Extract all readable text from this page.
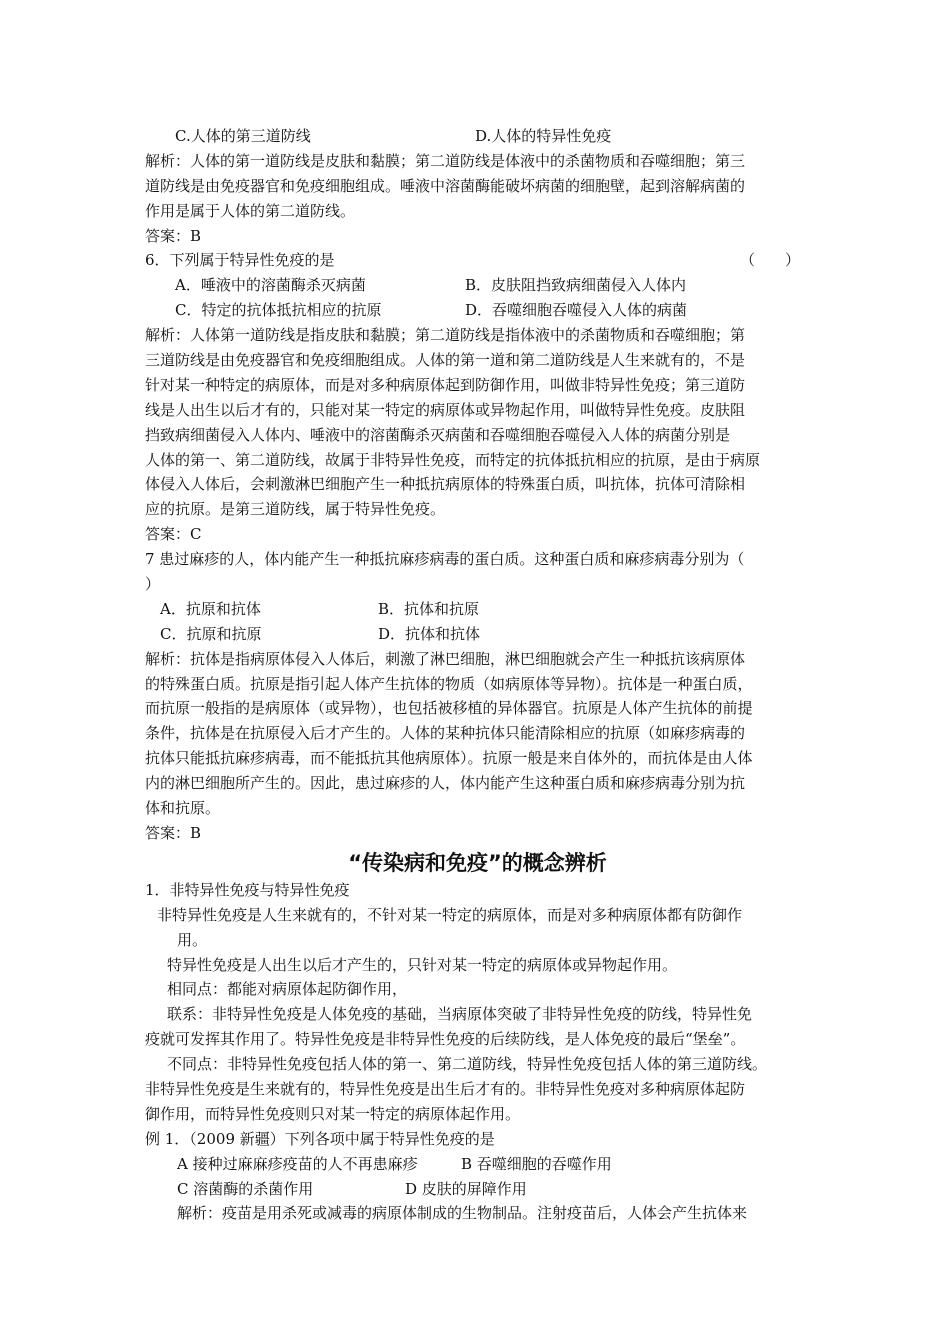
C.人体的第三道防线	D.人体的特异性免疫
解析：人体的第一道防线是皮肤和黏膜；第二道防线是体液中的杀菌物质和吞噬细胞；第三
道防线是由免疫器官和免疫细胞组成。唾液中溶菌酶能破坏病菌的细胞壁，起到溶解病菌的
作用是属于人体的第二道防线。
答案：B
6．下列属于特异性免疫的是	（　　）
A．唾液中的溶菌酶杀灭病菌	B．皮肤阻挡致病细菌侵入人体内
C．特定的抗体抵抗相应的抗原	D．吞噬细胞吞噬侵入人体的病菌
解析：人体第一道防线是指皮肤和黏膜；第二道防线是指体液中的杀菌物质和吞噬细胞；第
三道防线是由免疫器官和免疫细胞组成。人体的第一道和第二道防线是人生来就有的，不是
针对某一种特定的病原体，而是对多种病原体起到防御作用，叫做非特异性免疫；第三道防
线是人出生以后才有的，只能对某一特定的病原体或异物起作用，叫做特异性免疫。皮肤阻
挡致病细菌侵入人体内、唾液中的溶菌酶杀灭病菌和吞噬细胞吞噬侵入人体的病菌分别是
人体的第一、第二道防线，故属于非特异性免疫，而特定的抗体抵抗相应的抗原，是由于病原
体侵入人体后，会刺激淋巴细胞产生一种抵抗病原体的特殊蛋白质，叫抗体，抗体可清除相
应的抗原。是第三道防线，属于特异性免疫。
答案：C
7 患过麻疹的人，体内能产生一种抵抗麻疹病毒的蛋白质。这种蛋白质和麻疹病毒分别为（
）
A．抗原和抗体	B．抗体和抗原
C．抗原和抗原	D．抗体和抗体
解析：抗体是指病原体侵入人体后，刺激了淋巴细胞，淋巴细胞就会产生一种抵抗该病原体
的特殊蛋白质。抗原是指引起人体产生抗体的物质（如病原体等异物）。抗体是一种蛋白质，
而抗原一般指的是病原体（或异物），也包括被移植的异体器官。抗原是人体产生抗体的前提
条件，抗体是在抗原侵入后才产生的。人体的某种抗体只能清除相应的抗原（如麻疹病毒的
抗体只能抵抗麻疹病毒，而不能抵抗其他病原体）。抗原一般是来自体外的，而抗体是由人体
内的淋巴细胞所产生的。因此，患过麻疹的人，体内能产生这种蛋白质和麻疹病毒分别为抗
体和抗原。
答案：B
“传染病和免疫”的概念辨析
1．非特异性免疫与特异性免疫
非特异性免疫是人生来就有的，不针对某一特定的病原体，而是对多种病原体都有防御作
用。
特异性免疫是人出生以后才产生的，只针对某一特定的病原体或异物起作用。
相同点：都能对病原体起防御作用，
联系：非特异性免疫是人体免疫的基础，当病原体突破了非特异性免疫的防线，特异性免
疫就可发挥其作用了。特异性免疫是非特异性免疫的后续防线，是人体免疫的最后“堡垒”。
不同点：非特异性免疫包括人体的第一、第二道防线，特异性免疫包括人体的第三道防线。
非特异性免疫是生来就有的，特异性免疫是出生后才有的。非特异性免疫对多种病原体起防
御作用，而特异性免疫则只对某一特定的病原体起作用。
例 1．（2009 新疆）下列各项中属于特异性免疫的是
A 接种过麻麻疹疫苗的人不再患麻疹	B 吞噬细胞的吞噬作用
C 溶菌酶的杀菌作用	D 皮肤的屏障作用
解析：疫苗是用杀死或减毒的病原体制成的生物制品。注射疫苗后，人体会产生抗体来
